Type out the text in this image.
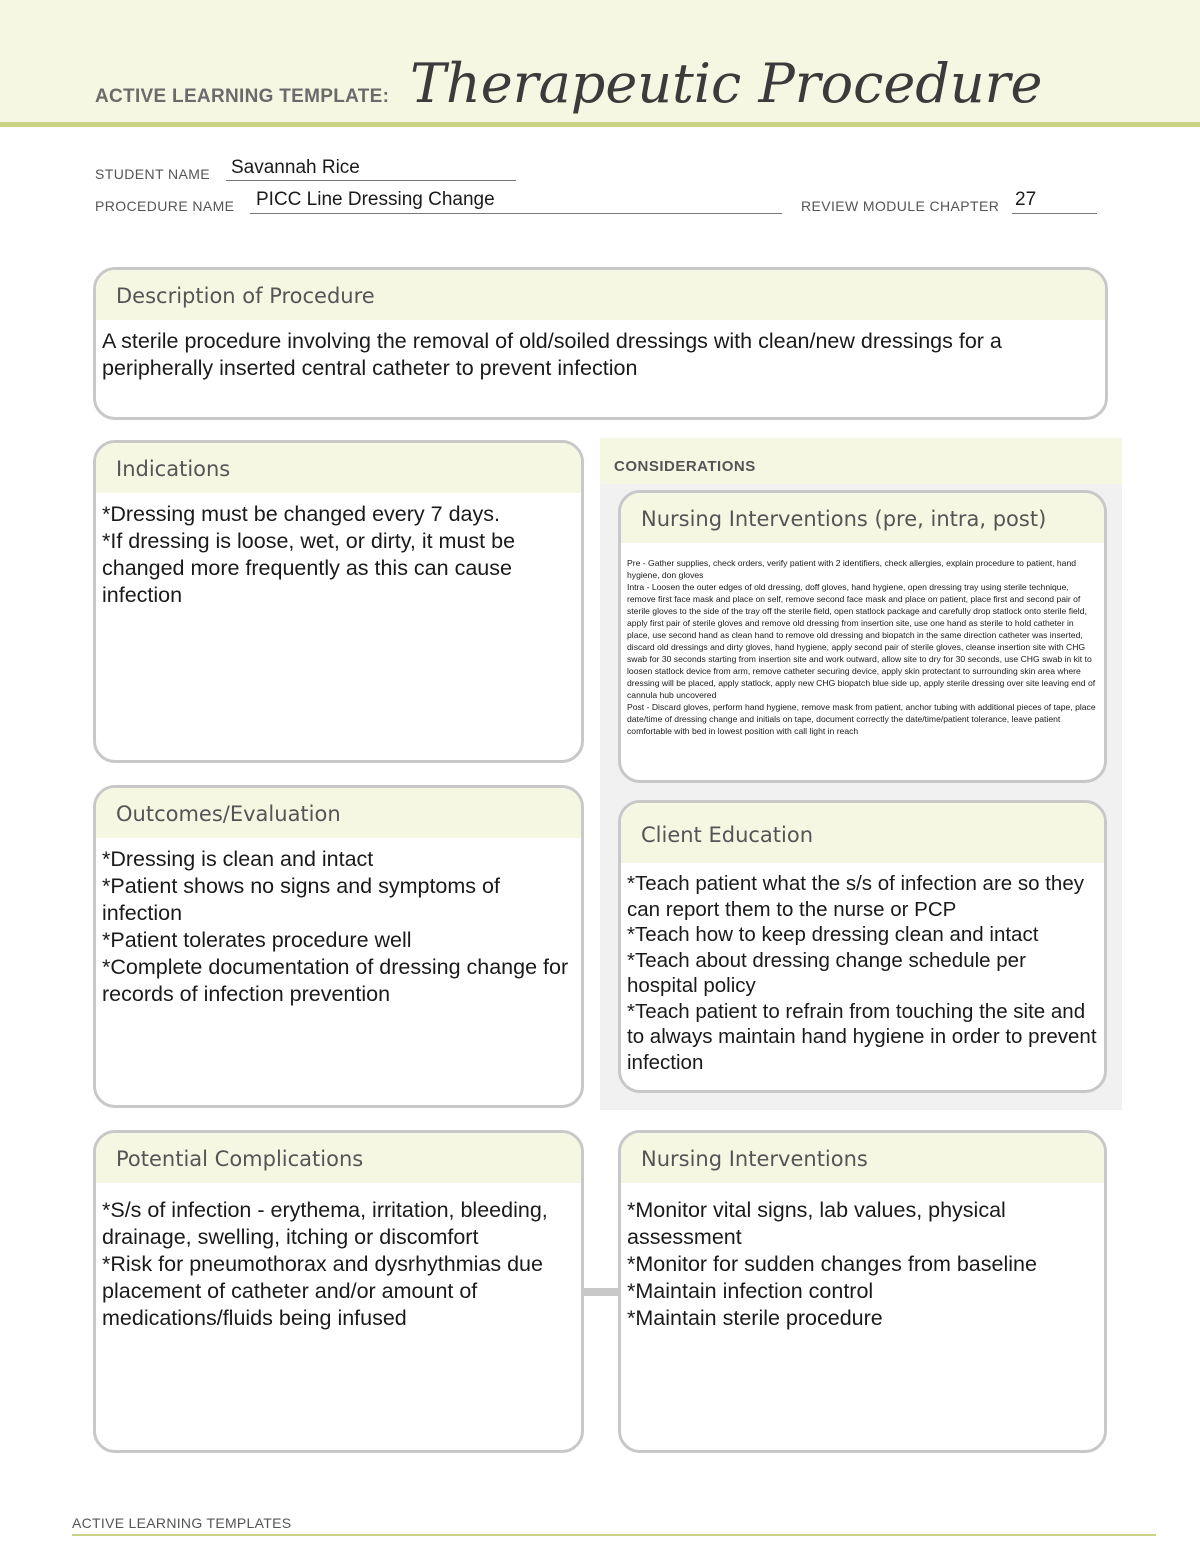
ACTIVE LEARNING TEMPLATE: Therapeutic Procedure
STUDENT NAME Savannah Rice
PROCEDURE NAME PICC Line Dressing Change	REVIEW MODULE CHAPTER 27
Description of Procedure

A sterile procedure involving the removal of old/soiled dressings with clean/new dressings for a peripherally inserted central catheter to prevent infection

Indications

*Dressing must be changed every 7 days.

*If dressing is loose, wet, or dirty, it must be changed more frequently as this can cause infection

CONSIDERATIONS
Nursing Interventions (pre, intra, post)

Pre - Gather supplies, check orders, verify patient with 2 identifiers, check allergies, explain procedure to patient, hand hygiene, don gloves

Intra - Loosen the outer edges of old dressing, doff gloves, hand hygiene, open dressing tray using sterile technique, remove first face mask and place on self, remove second face mask and place on patient, place first and second pair of sterile gloves to the side of the tray off the sterile field, open statlock package and carefully drop statlock onto sterile field, apply first pair of sterile gloves and remove old dressing from insertion site, use one hand as sterile to hold catheter in place, use second hand as clean hand to remove old dressing and biopatch in the same direction catheter was inserted, discard old dressings and dirty gloves, hand hygiene, apply second pair of sterile gloves, cleanse insertion site with CHG swab for 30 seconds starting from insertion site and work outward, allow site to dry for 30 seconds, use CHG swab in kit to loosen statlock device from arm, remove catheter securing device, apply skin protectant to surrounding skin area where dressing will be placed, apply statlock, apply new CHG biopatch blue side up, apply sterile dressing over site leaving end of cannula hub uncovered

Post - Discard gloves, perform hand hygiene, remove mask from patient, anchor tubing with additional pieces of tape, place date/time of dressing change and initials on tape, document correctly the date/time/patient tolerance, leave patient comfortable with bed in lowest position with call light in reach

Outcomes/Evaluation

*Dressing is clean and intact

*Patient shows no signs and symptoms of infection

*Patient tolerates procedure well

*Complete documentation of dressing change for records of infection prevention

Client Education

*Teach patient what the s/s of infection are so they can report them to the nurse or PCP

*Teach how to keep dressing clean and intact

*Teach about dressing change schedule per hospital policy

*Teach patient to refrain from touching the site and to always maintain hand hygiene in order to prevent infection

Potential Complications

*S/s of infection - erythema, irritation, bleeding, drainage, swelling, itching or discomfort

*Risk for pneumothorax and dysrhythmias due placement of catheter and/or amount of medications/fluids being infused

Nursing Interventions

*Monitor vital signs, lab values, physical assessment

*Monitor for sudden changes from baseline

*Maintain infection control

*Maintain sterile procedure

ACTIVE LEARNING TEMPLATES
